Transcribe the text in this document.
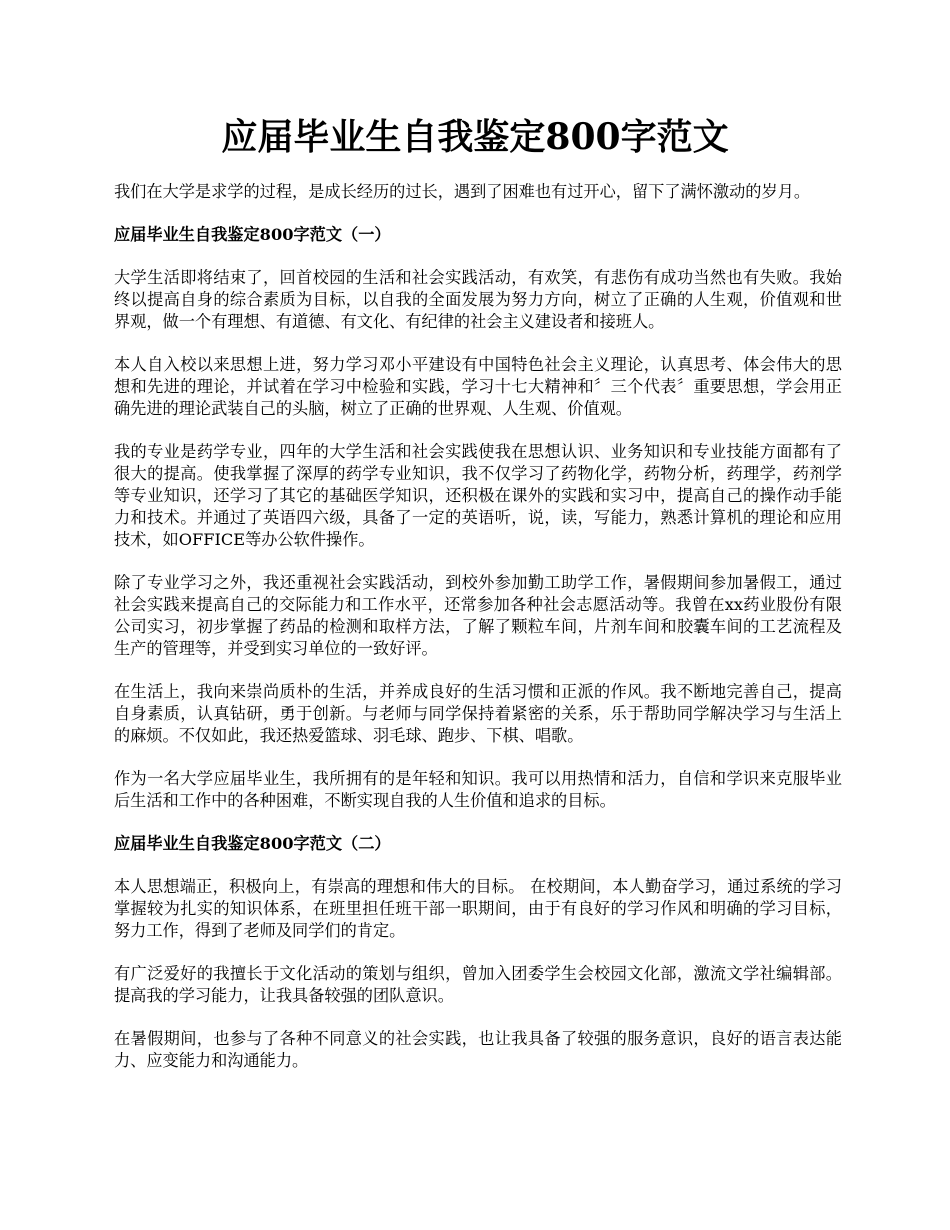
应届毕业生自我鉴定800字范文

我们在大学是求学的过程，是成长经历的过长，遇到了困难也有过开心，留下了满怀激动的岁月。

应届毕业生自我鉴定800字范文（一）

大学生活即将结束了，回首校园的生活和社会实践活动，有欢笑，有悲伤有成功当然也有失败。我始终以提高自身的综合素质为目标，以自我的全面发展为努力方向，树立了正确的人生观，价值观和世界观，做一个有理想、有道德、有文化、有纪律的社会主义建设者和接班人。

本人自入校以来思想上进，努力学习邓小平建设有中国特色社会主义理论，认真思考、体会伟大的思想和先进的理论，并试着在学习中检验和实践，学习十七大精神和〞三个代表〞重要思想，学会用正确先进的理论武装自己的头脑，树立了正确的世界观、人生观、价值观。

我的专业是药学专业，四年的大学生活和社会实践使我在思想认识、业务知识和专业技能方面都有了很大的提高。使我掌握了深厚的药学专业知识，我不仅学习了药物化学，药物分析，药理学，药剂学等专业知识，还学习了其它的基础医学知识，还积极在课外的实践和实习中，提高自己的操作动手能力和技术。并通过了英语四六级，具备了一定的英语听，说，读，写能力，熟悉计算机的理论和应用技术，如OFFICE等办公软件操作。

除了专业学习之外，我还重视社会实践活动，到校外参加勤工助学工作，暑假期间参加暑假工，通过社会实践来提高自己的交际能力和工作水平，还常参加各种社会志愿活动等。我曾在xx药业股份有限公司实习，初步掌握了药品的检测和取样方法，了解了颗粒车间，片剂车间和胶囊车间的工艺流程及生产的管理等，并受到实习单位的一致好评。

在生活上，我向来崇尚质朴的生活，并养成良好的生活习惯和正派的作风。我不断地完善自己，提高自身素质，认真钻研，勇于创新。与老师与同学保持着紧密的关系，乐于帮助同学解决学习与生活上的麻烦。不仅如此，我还热爱篮球、羽毛球、跑步、下棋、唱歌。

作为一名大学应届毕业生，我所拥有的是年轻和知识。我可以用热情和活力，自信和学识来克服毕业后生活和工作中的各种困难，不断实现自我的人生价值和追求的目标。

应届毕业生自我鉴定800字范文（二）

本人思想端正，积极向上，有崇高的理想和伟大的目标。 在校期间，本人勤奋学习，通过系统的学习掌握较为扎实的知识体系，在班里担任班干部一职期间，由于有良好的学习作风和明确的学习目标，努力工作，得到了老师及同学们的肯定。

有广泛爱好的我擅长于文化活动的策划与组织，曾加入团委学生会校园文化部，激流文学社编辑部。提高我的学习能力，让我具备较强的团队意识。

在暑假期间，也参与了各种不同意义的社会实践，也让我具备了较强的服务意识，良好的语言表达能力、应变能力和沟通能力。
